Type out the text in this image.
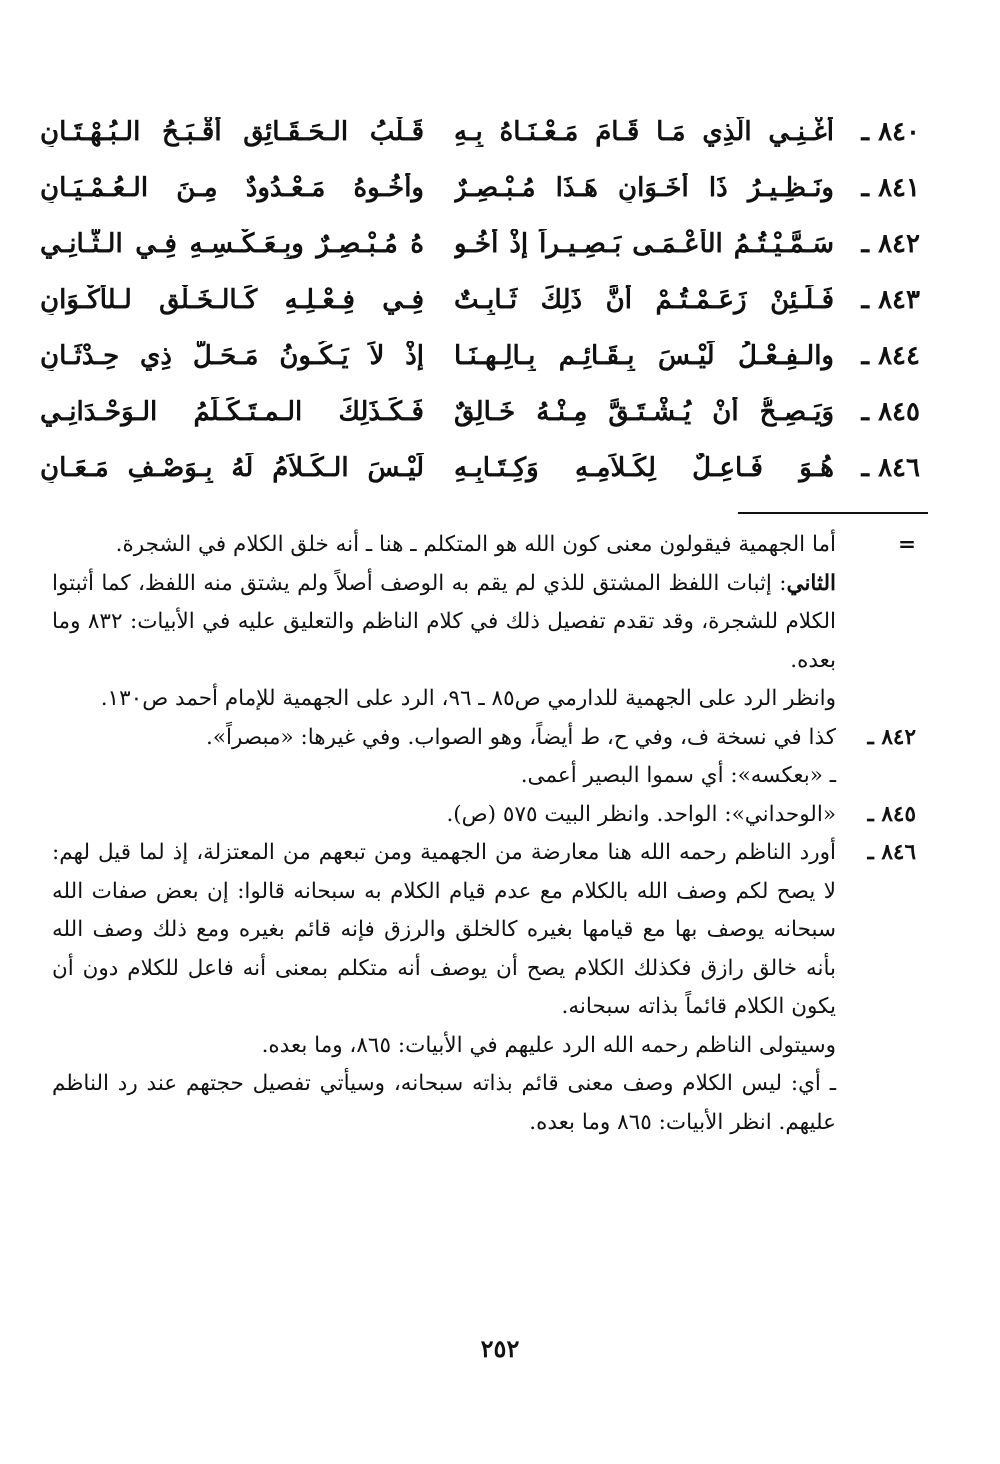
٨٤٠ ـ
أَغْـنِـي الَّذِي مَـا قَـامَ مَـعْـنَـاهُ بِـهِ
قَـلْبُ الـحَـقَـائِقِ أَقْـبَـحُ الـبُـهْـتَـانِ
٨٤١ ـ
ونَـظِـيـرُ ذَا أَخَـوَانِ هَـذَا مُـبْـصِـرٌ
وأَخُـوهُ مَـعْـدُودٌ مِـنَ الـعُـمْـيَـانِ
٨٤٢ ـ
سَـمَّـيْـتُـمُ الأَعْـمَـى بَـصِـيـراً إِذْ أَخُـو
هُ مُـبْـصِـرٌ وبِـعَـكْـسِـهِ فِـي الـثَّـانِـي
٨٤٣ ـ
فَـلَـئِنْ زَعَـمْـتُـمْ أَنَّ ذَلِكَ ثَـابِـتٌ
فِـي فِـعْـلِـهِ كَـالـخَـلْقِ لـلأَكْـوَانِ
٨٤٤ ـ
والـفِـعْـلُ لَيْـسَ بِـقَـائِـمٍ بِـالِـهِـنَـا
إِذْ لاَ يَـكُـونُ مَـحَـلَّ ذِي حِـدْثَـانِ
٨٤٥ ـ
وَيَـصِـحُّ أَنْ يُـشْـتَـقَّ مِـنْـهُ خَـالِقٌ
فَـكَـذَلِكَ الـمـتَـكَـلِّمُ الـوَحْـدَانِـي
٨٤٦ ـ
هُـوَ فَـاعِـلٌ لِكَـلاَمِـهِ وَكِـتَـابِـهِ
لَيْـسَ الـكَـلاَمُ لَهُ بِـوَصْـفِ مَـعَـانِ
=

أما الجهمية فيقولون معنى كون الله هو المتكلم ـ هنا ـ أنه خلق الكلام في الشجرة.

الثاني: إثبات اللفظ المشتق للذي لم يقم به الوصف أصلاً ولم يشتق منه اللفظ، كما أثبتوا الكلام للشجرة، وقد تقدم تفصيل ذلك في كلام الناظم والتعليق عليه في الأبيات: ٨٣٢ وما بعده.

وانظر الرد على الجهمية للدارمي ص٨٥ ـ ٩٦، الرد على الجهمية للإمام أحمد ص١٣٠.

٨٤٢ ـ

كذا في نسخة ف، وفي ح، ط أيضاً، وهو الصواب. وفي غيرها: «مبصراً».

ـ «بعكسه»: أي سموا البصير أعمى.

٨٤٥ ـ

«الوحداني»: الواحد. وانظر البيت ٥٧٥ (ص).

٨٤٦ ـ

أورد الناظم رحمه الله هنا معارضة من الجهمية ومن تبعهم من المعتزلة، إذ لما قيل لهم: لا يصح لكم وصف الله بالكلام مع عدم قيام الكلام به سبحانه قالوا: إن بعض صفات الله سبحانه يوصف بها مع قيامها بغيره كالخلق والرزق فإنه قائم بغيره ومع ذلك وصف الله بأنه خالق رازق فكذلك الكلام يصح أن يوصف أنه متكلم بمعنى أنه فاعل للكلام دون أن يكون الكلام قائماً بذاته سبحانه.

وسيتولى الناظم رحمه الله الرد عليهم في الأبيات: ٨٦٥، وما بعده.

ـ أي: ليس الكلام وصف معنى قائم بذاته سبحانه، وسيأتي تفصيل حجتهم عند رد الناظم عليهم. انظر الأبيات: ٨٦٥ وما بعده.

٢٥٢
